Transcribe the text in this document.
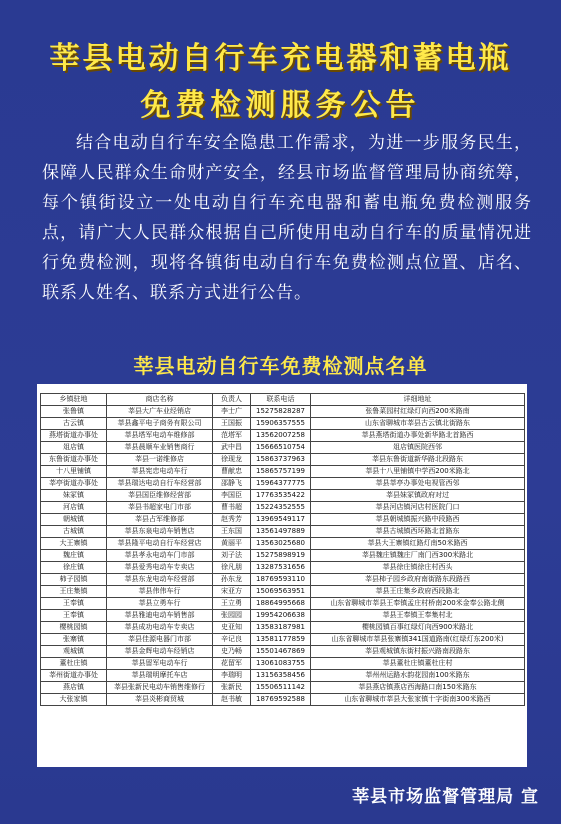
莘县电动自行车充电器和蓄电瓶
免费检测服务公告
结合电动自行车安全隐患工作需求，为进一步服务民生，保障人民群众生命财产安全，经县市场监督管理局协商统筹，每个镇街设立一处电动自行车充电器和蓄电瓶免费检测服务点，请广大人民群众根据自己所使用电动自行车的质量情况进行免费检测，现将各镇街电动自行车免费检测点位置、店名、联系人姓名、联系方式进行公告。
莘县电动自行车免费检测点名单
乡镇驻地	商店名称	负责人	联系电话	详细地址
张鲁镇	莘县大广车业经销店	李士广	15275828287	张鲁菜园村红绿灯向西200米路南
古云镇	莘县鑫平电子商务有限公司	王国振	15906357555	山东省聊城市莘县古云镇北街路东
燕塔街道办事处	莘县塔军电动车维修部	范塔军	13562007258	莘县燕塔街道办事处新华路北首路西
俎店镇	莘县晨顺车业销售商行	武中昌	15666510754	俎店镇医院西邻
东鲁街道办事处	莘县一诺维修店	徐现龙	15863737963	莘县东鲁街道新华路北段路东
十八里铺镇	莘县宪忠电动车行	曹献忠	15865757199	莘县十八里铺镇中学西200米路北
莘亭街道办事处	莘县瑞达电动自行车经营部	邵静飞	15964377775	莘县莘亭办事处电视管西邻
妹冢镇	莘县国臣维修经营部	李国臣	17763535422	莘县妹冢镇政府对过
河店镇	莘县书超家电门市部	曹书超	15224352555	莘县河店镇河店村医院门口
朝城镇	莘县占军维修部	赵秀芳	13969549117	莘县朝城镇振兴路中段路西
古城镇	莘县东泉电动车销售店	王东国	13561497889	莘县古城镇西环路北首路东
大王寨镇	莘县隆平电动自行车经营店	黄丽平	13563025680	莘县大王寨镇红路灯南50米路西
魏庄镇	莘县孝永电动车门市部	刘子法	15275898919	莘县魏庄镇魏庄厂南门西300米路北
徐庄镇	莘县爱秀电动车专卖店	徐凡朋	13287531656	莘县徐庄镇徐庄村西头
柿子园镇	莘县东龙电动车经营部	孙东龙	18769593110	莘县柿子园乡政府南街路东段路西
王庄集镇	莘县伟伟车行	宋亚方	15069563951	莘县王庄集乡政府西段路北
王奉镇	莘县立勇车行	王立勇	18864995668	山东省聊城市莘县王奉镇孟庄村桥南200米金奉公路北侧
王奉镇	莘县雅迪电动车销售部	张园园	19954206638	莘县王奉镇王奉集村北
樱桃园镇	莘县成功电动车专卖店	史亚知	13583187981	樱桃园镇百事红绿灯向西900米路北
张寨镇	莘县佳源电器门市部	辛记良	13581177859	山东省聊城市莘县张寨镇341国道路南(红绿灯东200米)
观城镇	莘县金辉电动车经销店	史乃畅	15501467869	莘县观城镇东街村振兴路南段路东
董杜庄镇	莘县留军电动车行	花留军	13061083755	莘县董杜庄镇董杜庄村
莘州街道办事处	莘县瑞明摩托车店	李瑞明	13156358456	莘州州运路水韵花园南100米路东
燕店镇	莘县张新民电动车销售维修行	张新民	15506511142	莘县燕店镇燕店西海路口南150米路东
大张家镇	莘县炎彬商贸城	赵书敏	18769592588	山东省聊城市莘县大张家镇十字街南300米路西
莘县市场监督管理局 宣
